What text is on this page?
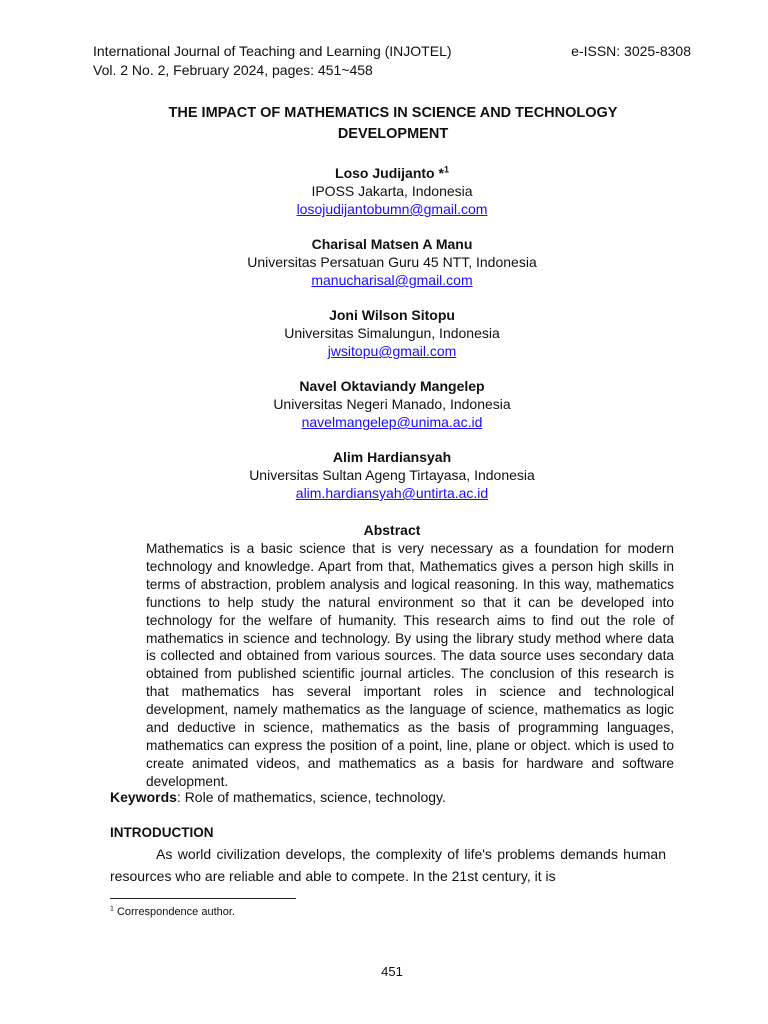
International Journal of Teaching and Learning (INJOTEL)	e-ISSN: 3025-8308
Vol. 2 No. 2, February 2024, pages: 451~458
THE IMPACT OF MATHEMATICS IN SCIENCE AND TECHNOLOGY DEVELOPMENT
Loso Judijanto *$^1$
IPOSS Jakarta, Indonesia
losojudijantobumn@gmail.com
Charisal Matsen A Manu
Universitas Persatuan Guru 45 NTT, Indonesia
manucharisal@gmail.com
Joni Wilson Sitopu
Universitas Simalungun, Indonesia
jwsitopu@gmail.com
Navel Oktaviandy Mangelep
Universitas Negeri Manado, Indonesia
navelmangelep@unima.ac.id
Alim Hardiansyah
Universitas Sultan Ageng Tirtayasa, Indonesia
alim.hardiansyah@untirta.ac.id
Abstract

Mathematics is a basic science that is very necessary as a foundation for modern technology and knowledge. Apart from that, Mathematics gives a person high skills in terms of abstraction, problem analysis and logical reasoning. In this way, mathematics functions to help study the natural environment so that it can be developed into technology for the welfare of humanity. This research aims to find out the role of mathematics in science and technology. By using the library study method where data is collected and obtained from various sources. The data source uses secondary data obtained from published scientific journal articles. The conclusion of this research is that mathematics has several important roles in science and technological development, namely mathematics as the language of science, mathematics as logic and deductive in science, mathematics as the basis of programming languages, mathematics can express the position of a point, line, plane or object. which is used to create animated videos, and mathematics as a basis for hardware and software development.

Keywords: Role of mathematics, science, technology.
INTRODUCTION

As world civilization develops, the complexity of life's problems demands human resources who are reliable and able to compete. In the 21st century, it is

$^1$ Correspondence author.
451
